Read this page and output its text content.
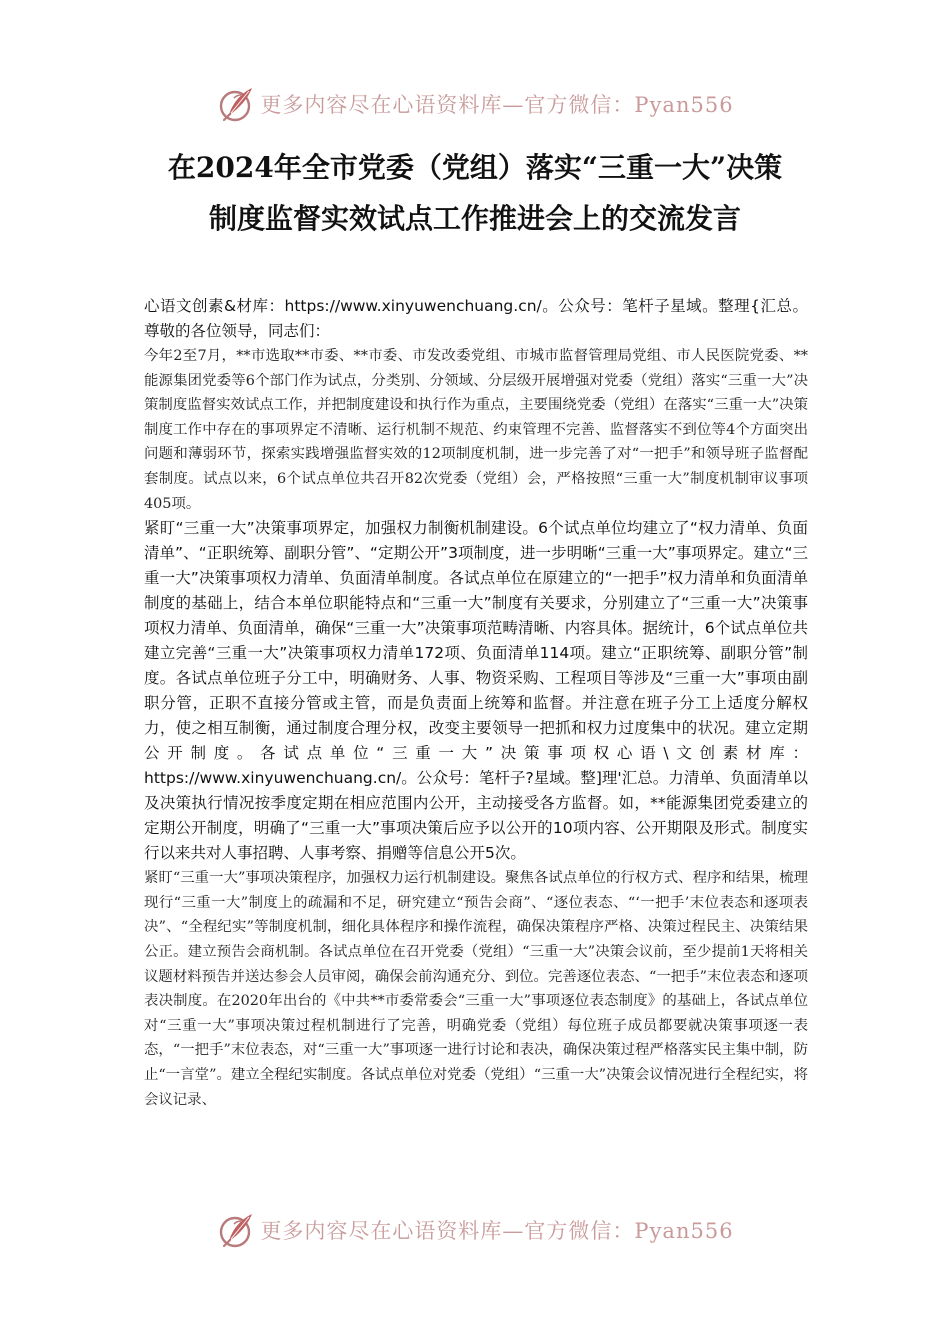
更多内容尽在心语资料库—官方微信：Pyan556
在2024年全市党委（党组）落实“三重一大”决策
制度监督实效试点工作推进会上的交流发言

心语文创素&材库：https://www.xinyuwenchuang.cn/。公众号：笔杆子星域。整理{汇总。尊敬的各位领导，同志们：

今年2至7月，**市选取**市委、**市委、市发改委党组、市城市监督管理局党组、市人民医院党委、**能源集团党委等6个部门作为试点，分类别、分领域、分层级开展增强对党委（党组）落实“三重一大”决策制度监督实效试点工作，并把制度建设和执行作为重点，主要围绕党委（党组）在落实“三重一大”决策制度工作中存在的事项界定不清晰、运行机制不规范、约束管理不完善、监督落实不到位等4个方面突出问题和薄弱环节，探索实践增强监督实效的12项制度机制，进一步完善了对“一把手”和领导班子监督配套制度。试点以来，6个试点单位共召开82次党委（党组）会，严格按照“三重一大”制度机制审议事项405项。

紧盯“三重一大”决策事项界定，加强权力制衡机制建设。6个试点单位均建立了“权力清单、负面清单”、“正职统筹、副职分管”、“定期公开”3项制度，进一步明晰“三重一大”事项界定。建立“三重一大”决策事项权力清单、负面清单制度。各试点单位在原建立的“一把手”权力清单和负面清单制度的基础上，结合本单位职能特点和“三重一大”制度有关要求，分别建立了“三重一大”决策事项权力清单、负面清单，确保“三重一大”决策事项范畴清晰、内容具体。据统计，6个试点单位共建立完善“三重一大”决策事项权力清单172项、负面清单114项。建立“正职统筹、副职分管”制度。各试点单位班子分工中，明确财务、人事、物资采购、工程项目等涉及“三重一大”事项由副职分管，正职不直接分管或主管，而是负责面上统筹和监督。并注意在班子分工上适度分解权力，使之相互制衡，通过制度合理分权，改变主要领导一把抓和权力过度集中的状况。建立定期公开制度。各试点单位“三重一大”决策事项权心语\文创素材库：https://www.xinyuwenchuang.cn/。公众号：笔杆子?星域。整]理'汇总。力清单、负面清单以及决策执行情况按季度定期在相应范围内公开，主动接受各方监督。如，**能源集团党委建立的定期公开制度，明确了“三重一大”事项决策后应予以公开的10项内容、公开期限及形式。制度实行以来共对人事招聘、人事考察、捐赠等信息公开5次。

紧盯“三重一大”事项决策程序，加强权力运行机制建设。聚焦各试点单位的行权方式、程序和结果，梳理现行“三重一大”制度上的疏漏和不足，研究建立“预告会商”、“逐位表态、“‘一把手’末位表态和逐项表决”、“全程纪实”等制度机制，细化具体程序和操作流程，确保决策程序严格、决策过程民主、决策结果公正。建立预告会商机制。各试点单位在召开党委（党组）“三重一大”决策会议前，至少提前1天将相关议题材料预告并送达参会人员审阅，确保会前沟通充分、到位。完善逐位表态、“一把手”末位表态和逐项表决制度。在2020年出台的《中共**市委常委会“三重一大”事项逐位表态制度》的基础上，各试点单位对“三重一大”事项决策过程机制进行了完善，明确党委（党组）每位班子成员都要就决策事项逐一表态，“一把手”末位表态，对“三重一大”事项逐一进行讨论和表决，确保决策过程严格落实民主集中制，防止“一言堂”。建立全程纪实制度。各试点单位对党委（党组）“三重一大”决策会议情况进行全程纪实，将会议记录、

更多内容尽在心语资料库—官方微信：Pyan556
